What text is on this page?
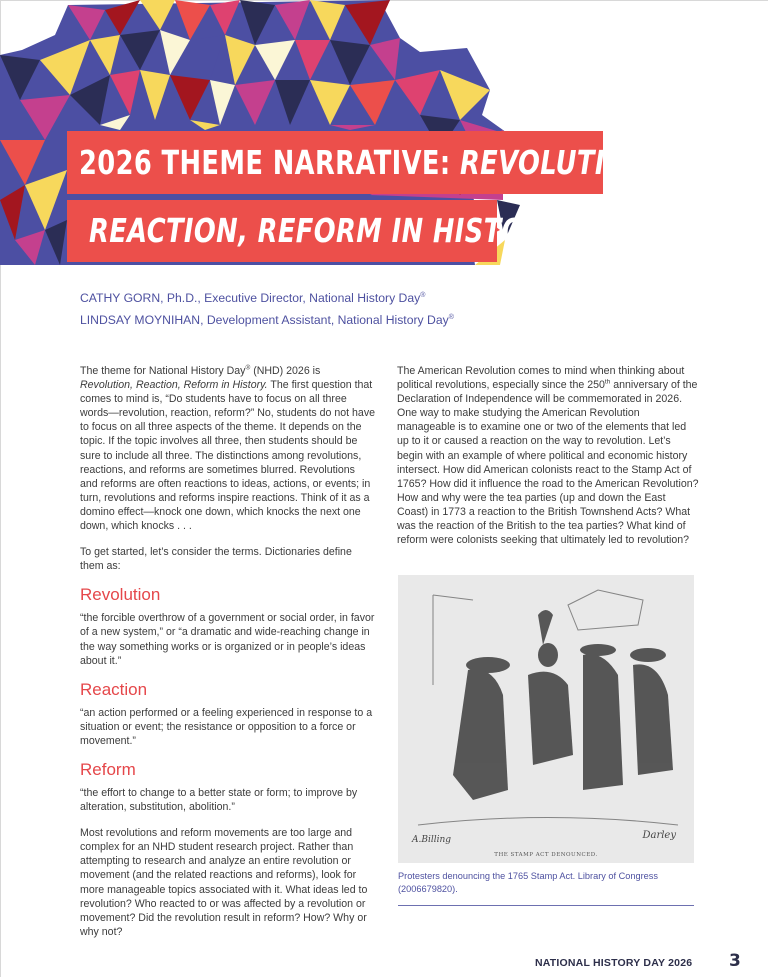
2026 THEME NARRATIVE: REVOLUTION,
REACTION, REFORM IN HISTORY
CATHY GORN, Ph.D., Executive Director, National History Day®
LINDSAY MOYNIHAN, Development Assistant, National History Day®

The theme for National History Day® (NHD) 2026 is Revolution, Reaction, Reform in History. The first question that comes to mind is, “Do students have to focus on all three words—revolution, reaction, reform?” No, students do not have to focus on all three aspects of the theme. It depends on the topic. If the topic involves all three, then students should be sure to include all three. The distinctions among revolutions, reactions, and reforms are sometimes blurred. Revolutions and reforms are often reactions to ideas, actions, or events; in turn, revolutions and reforms inspire reactions. Think of it as a domino effect—knock one down, which knocks the next one down, which knocks . . .

To get started, let’s consider the terms. Dictionaries define them as:

Revolution

“the forcible overthrow of a government or social order, in favor of a new system,” or “a dramatic and wide-reaching change in the way something works or is organized or in people’s ideas about it.”

Reaction

“an action performed or a feeling experienced in response to a situation or event; the resistance or opposition to a force or movement.”

Reform

“the effort to change to a better state or form; to improve by alteration, substitution, abolition.”

Most revolutions and reform movements are too large and complex for an NHD student research project. Rather than attempting to research and analyze an entire revolution or movement (and the related reactions and reforms), look for more manageable topics associated with it. What ideas led to revolution? Who reacted to or was affected by a revolution or movement? Did the revolution result in reform? How? Why or why not?

The American Revolution comes to mind when thinking about political revolutions, especially since the 250th anniversary of the Declaration of Independence will be commemorated in 2026. One way to make studying the American Revolution manageable is to examine one or two of the elements that led up to it or caused a reaction on the way to revolution. Let’s begin with an example of where political and economic history intersect. How did American colonists react to the Stamp Act of 1765? How did it influence the road to the American Revolution? How and why were the tea parties (up and down the East Coast) in 1773 a reaction to the British Townshend Acts? What was the reaction of the British to the tea parties? What kind of reform were colonists seeking that ultimately led to revolution?

A.Billing	Darley
THE STAMP ACT DENOUNCED.
Protesters denouncing the 1765 Stamp Act. Library of Congress (2006679820).
NATIONAL HISTORY DAY 2026 3
